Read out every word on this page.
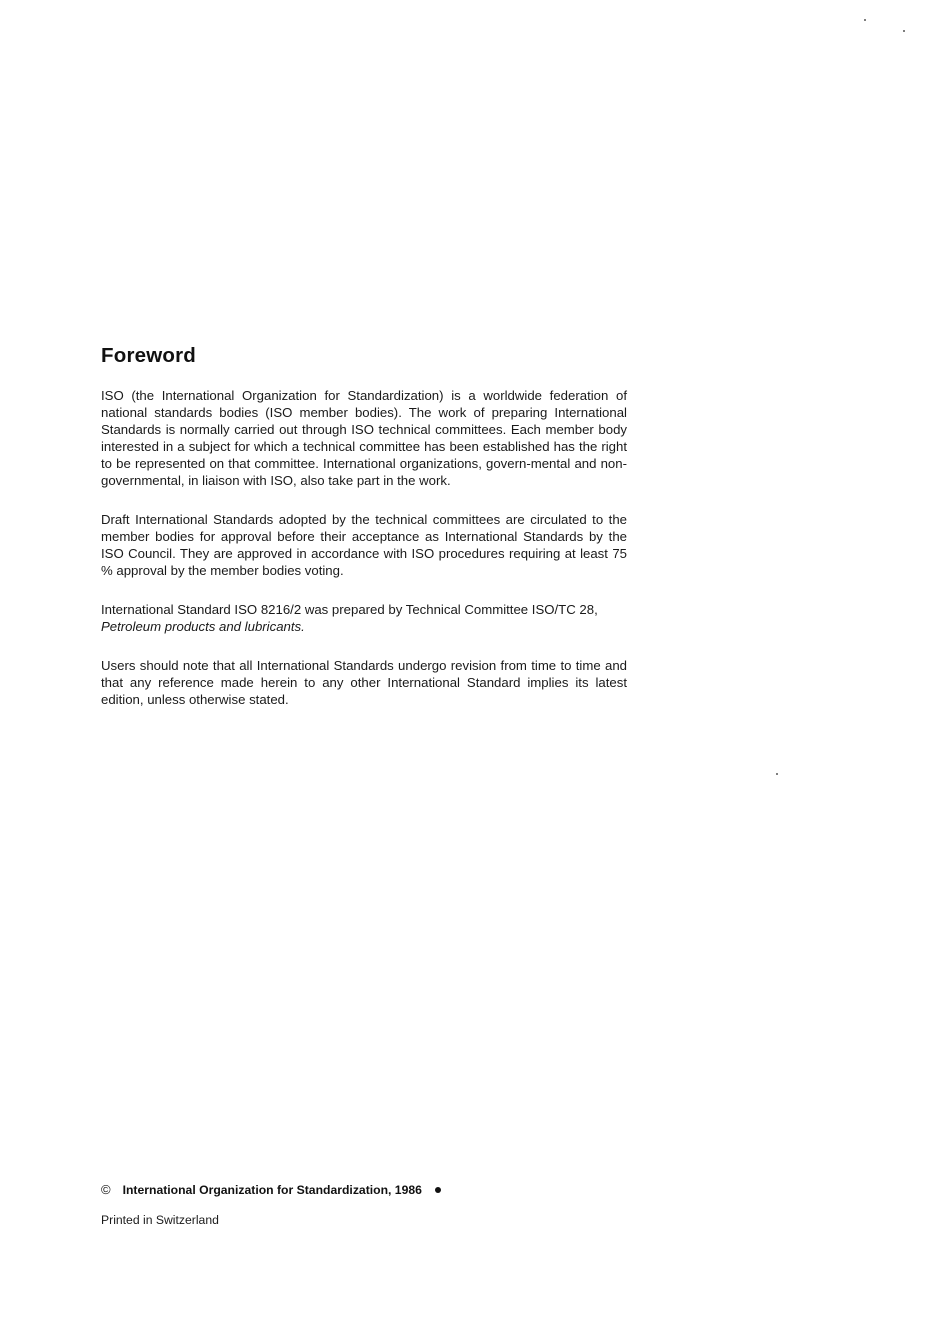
Foreword

ISO (the International Organization for Standardization) is a worldwide federation of national standards bodies (ISO member bodies). The work of preparing International Standards is normally carried out through ISO technical committees. Each member body interested in a subject for which a technical committee has been established has the right to be represented on that committee. International organizations, govern-mental and non-governmental, in liaison with ISO, also take part in the work.

Draft International Standards adopted by the technical committees are circulated to the member bodies for approval before their acceptance as International Standards by the ISO Council. They are approved in accordance with ISO procedures requiring at least 75 % approval by the member bodies voting.

International Standard ISO 8216/2 was prepared by Technical Committee ISO/TC 28,
Petroleum products and lubricants.

Users should note that all International Standards undergo revision from time to time and that any reference made herein to any other International Standard implies its latest edition, unless otherwise stated.

© International Organization for Standardization, 1986
Printed in Switzerland
